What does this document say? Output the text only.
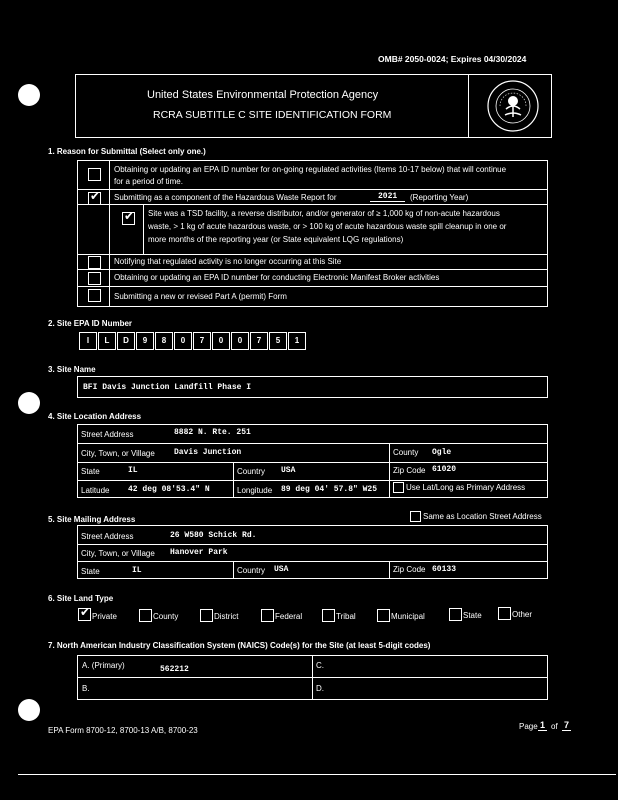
OMB# 2050-0024; Expires 04/30/2024
United States Environmental Protection Agency
RCRA SUBTITLE C SITE IDENTIFICATION FORM
1. Reason for Submittal (Select only one.)
Obtaining or updating an EPA ID number for on-going regulated activities (Items 10-17 below) that will continue
for a period of time.
✔ Submitting as a component of the Hazardous Waste Report for	2021	(Reporting Year)
✔ Site was a TSD facility, a reverse distributor, and/or generator of ≥ 1,000 kg of non-acute hazardous
waste, > 1 kg of acute hazardous waste, or > 100 kg of acute hazardous waste spill cleanup in one or
more months of the reporting year (or State equivalent LQG regulations)
Notifying that regulated activity is no longer occurring at this Site
Obtaining or updating an EPA ID number for conducting Electronic Manifest Broker activities
Submitting a new or revised Part A (permit) Form
2. Site EPA ID Number
I	L	D	9	8	0	7	0	0	7	5	1
3. Site Name
BFI Davis Junction Landfill Phase I
4. Site Location Address
Street Address	8882 N. Rte. 251
City, Town, or Village Davis Junction	County Ogle
State	IL	Country USA	Zip Code 61020
Latitude 42 deg 08'53.4" N	Longitude 89 deg 04' 57.8" W25	Use Lat/Long as Primary Address
5. Site Mailing Address	Same as Location Street Address
Street Address	26 W580 Schick Rd.
City, Town, or Village Hanover Park
State	IL	Country USA	Zip Code 60133
6. Site Land Type
✔ Private	County	District	Federal	Tribal	Municipal	State	Other
7. North American Industry Classification System (NAICS) Code(s) for the Site (at least 5-digit codes)
A. (Primary)	562212	C.
B.	D.
EPA Form 8700-12, 8700-13 A/B, 8700-23	Page 1 of 7
